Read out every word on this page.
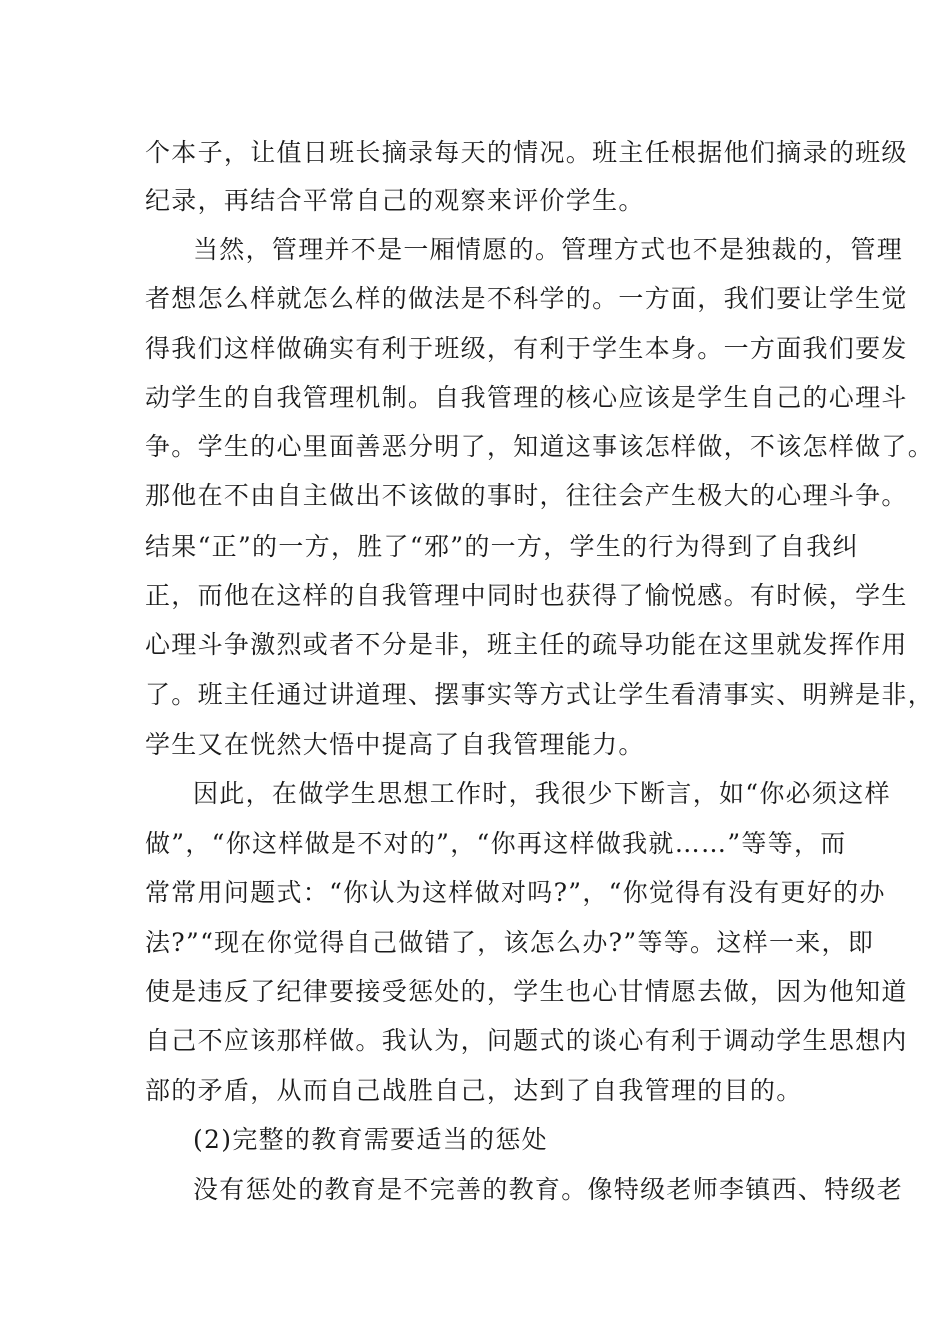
个本子，让值日班长摘录每天的情况。班主任根据他们摘录的班级
纪录，再结合平常自己的观察来评价学生。
当然，管理并不是一厢情愿的。管理方式也不是独裁的，管理
者想怎么样就怎么样的做法是不科学的。一方面，我们要让学生觉
得我们这样做确实有利于班级，有利于学生本身。一方面我们要发
动学生的自我管理机制。自我管理的核心应该是学生自己的心理斗
争。学生的心里面善恶分明了，知道这事该怎样做，不该怎样做了。
那他在不由自主做出不该做的事时，往往会产生极大的心理斗争。
结果“正”的一方，胜了“邪”的一方，学生的行为得到了自我纠
正，而他在这样的自我管理中同时也获得了愉悦感。有时候，学生
心理斗争激烈或者不分是非，班主任的疏导功能在这里就发挥作用
了。班主任通过讲道理、摆事实等方式让学生看清事实、明辨是非，
学生又在恍然大悟中提高了自我管理能力。
因此，在做学生思想工作时，我很少下断言，如“你必须这样
做”，“你这样做是不对的”，“你再这样做我就……”等等，而
常常用问题式：“你认为这样做对吗?”，“你觉得有没有更好的办
法?”“现在你觉得自己做错了，该怎么办?”等等。这样一来，即
使是违反了纪律要接受惩处的，学生也心甘情愿去做，因为他知道
自己不应该那样做。我认为，问题式的谈心有利于调动学生思想内
部的矛盾，从而自己战胜自己，达到了自我管理的目的。
(2)完整的教育需要适当的惩处
没有惩处的教育是不完善的教育。像特级老师李镇西、特级老
